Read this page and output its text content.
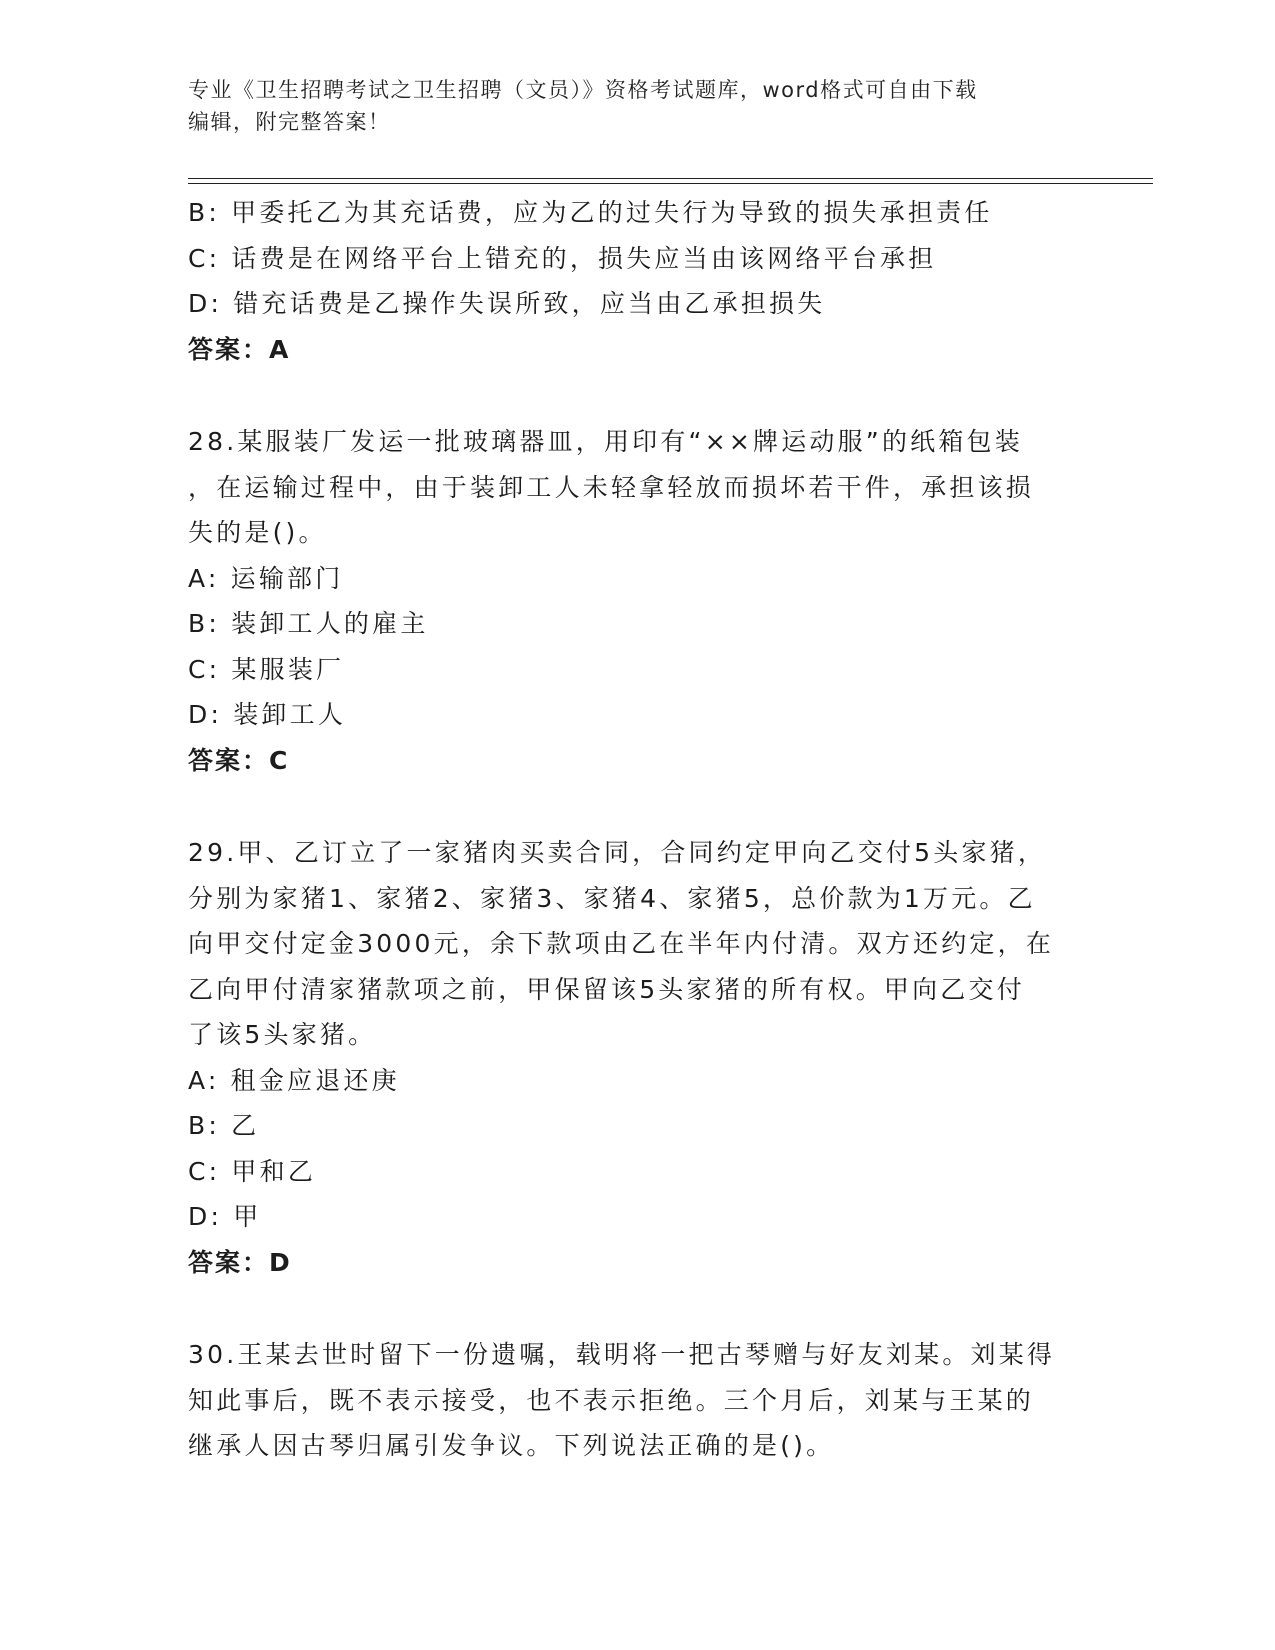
专业《卫生招聘考试之卫生招聘（文员）》资格考试题库，word格式可自由下载
编辑，附完整答案！
B: 甲委托乙为其充话费，应为乙的过失行为导致的损失承担责任
C: 话费是在网络平台上错充的，损失应当由该网络平台承担
D: 错充话费是乙操作失误所致，应当由乙承担损失
答案：A
28.某服装厂发运一批玻璃器皿，用印有“××牌运动服”的纸箱包装
，在运输过程中，由于装卸工人未轻拿轻放而损坏若干件，承担该损
失的是()。
A: 运输部门
B: 装卸工人的雇主
C: 某服装厂
D: 装卸工人
答案：C
29.甲、乙订立了一家猪肉买卖合同，合同约定甲向乙交付5头家猪，
分别为家猪1、家猪2、家猪3、家猪4、家猪5，总价款为1万元。乙
向甲交付定金3000元，余下款项由乙在半年内付清。双方还约定，在
乙向甲付清家猪款项之前，甲保留该5头家猪的所有权。甲向乙交付
了该5头家猪。
A: 租金应退还庚
B: 乙
C: 甲和乙
D: 甲
答案：D
30.王某去世时留下一份遗嘱，载明将一把古琴赠与好友刘某。刘某得
知此事后，既不表示接受，也不表示拒绝。三个月后，刘某与王某的
继承人因古琴归属引发争议。下列说法正确的是()。
